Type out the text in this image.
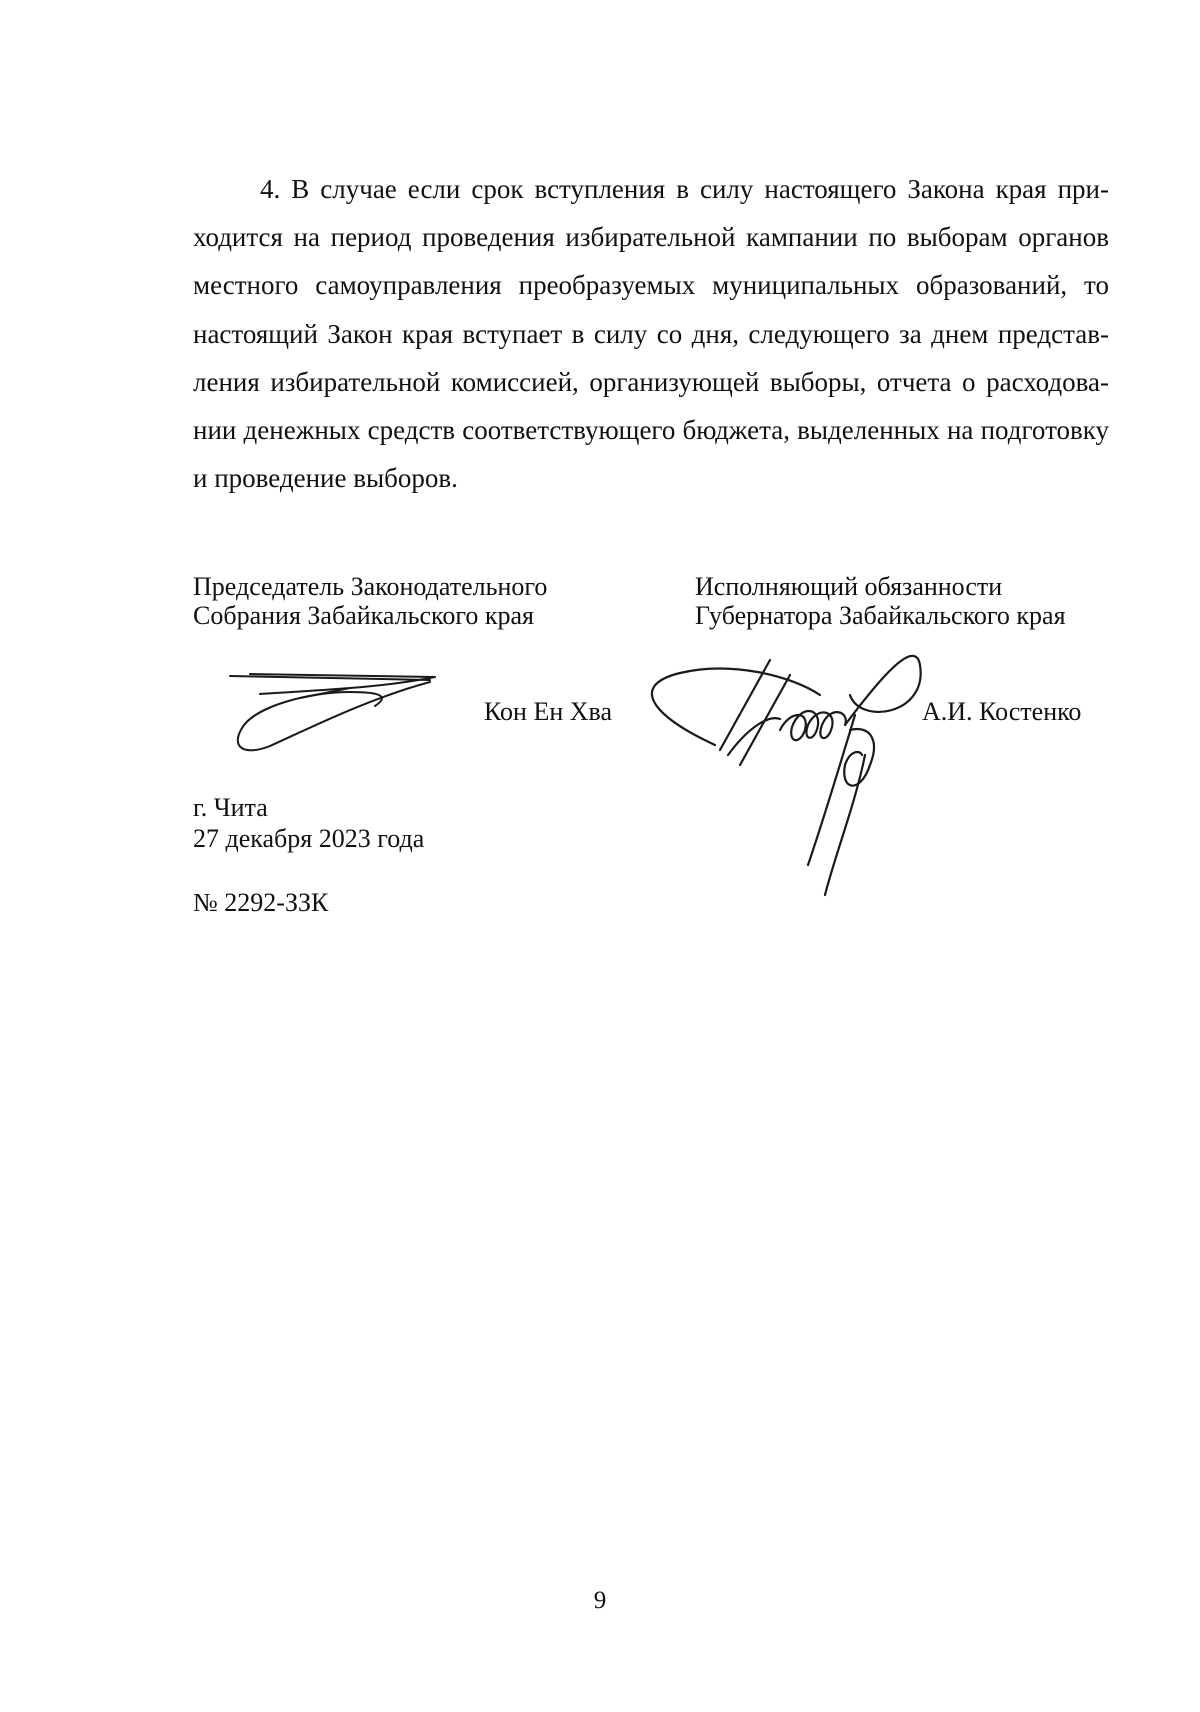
4. В случае если срок вступления в силу настоящего Закона края приходится на период проведения избирательной кампании по выборам органов местного самоуправления преобразуемых муниципальных образований, то настоящий Закон края вступает в силу со дня, следующего за днем представления избирательной комиссией, организующей выборы, отчета о расходовании денежных средств соответствующего бюджета, выделенных на подготовку и проведение выборов.

Председатель Законодательного
Собрания Забайкальского края
Исполняющий обязанности
Губернатора Забайкальского края
Кон Ен Хва	А.И. Костенко
г. Чита
27 декабря 2023 года
№ 2292-ЗЗК
9
